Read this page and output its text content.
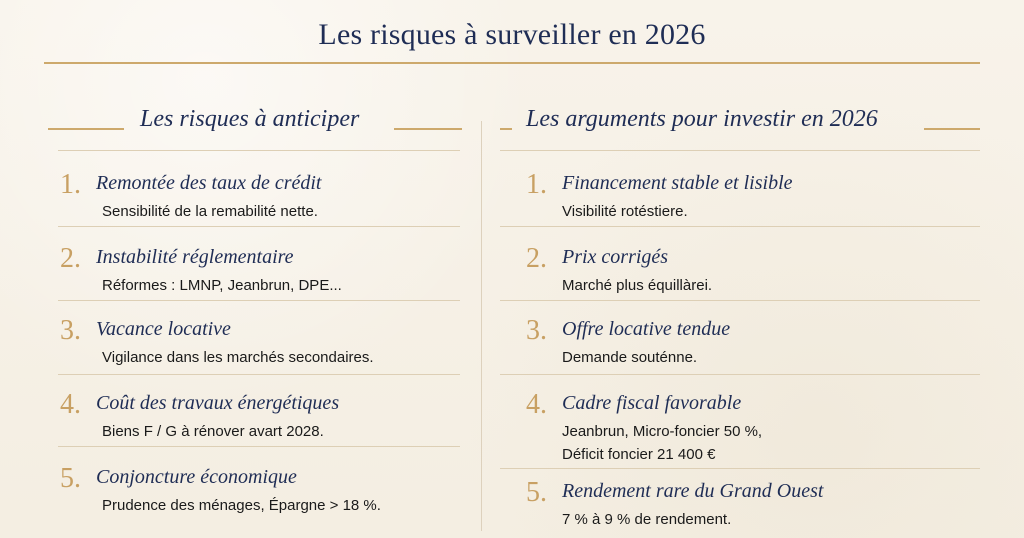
Les risques à surveiller en 2026
Les risques à anticiper
1. Remontée des taux de crédit
Sensibilité de la remabilité nette.
2. Instabilité réglementaire
Réformes : LMNP, Jeanbrun, DPE...
3. Vacance locative
Vigilance dans les marchés secondaires.
4. Coût des travaux énergétiques
Biens F / G à rénover avart 2028.
5. Conjoncture économique
Prudence des ménages, Épargne > 18 %.
Les arguments pour investir en 2026
1. Financement stable et lisible
Visibilité rotéstiere.
2. Prix corrigés
Marché plus équillàrei.
3. Offre locative tendue
Demande souténne.
4. Cadre fiscal favorable
Jeanbrun, Micro-foncier 50 %,
Déficit foncier 21 400 €
5. Rendement rare du Grand Ouest
7 % à 9 % de rendement.
